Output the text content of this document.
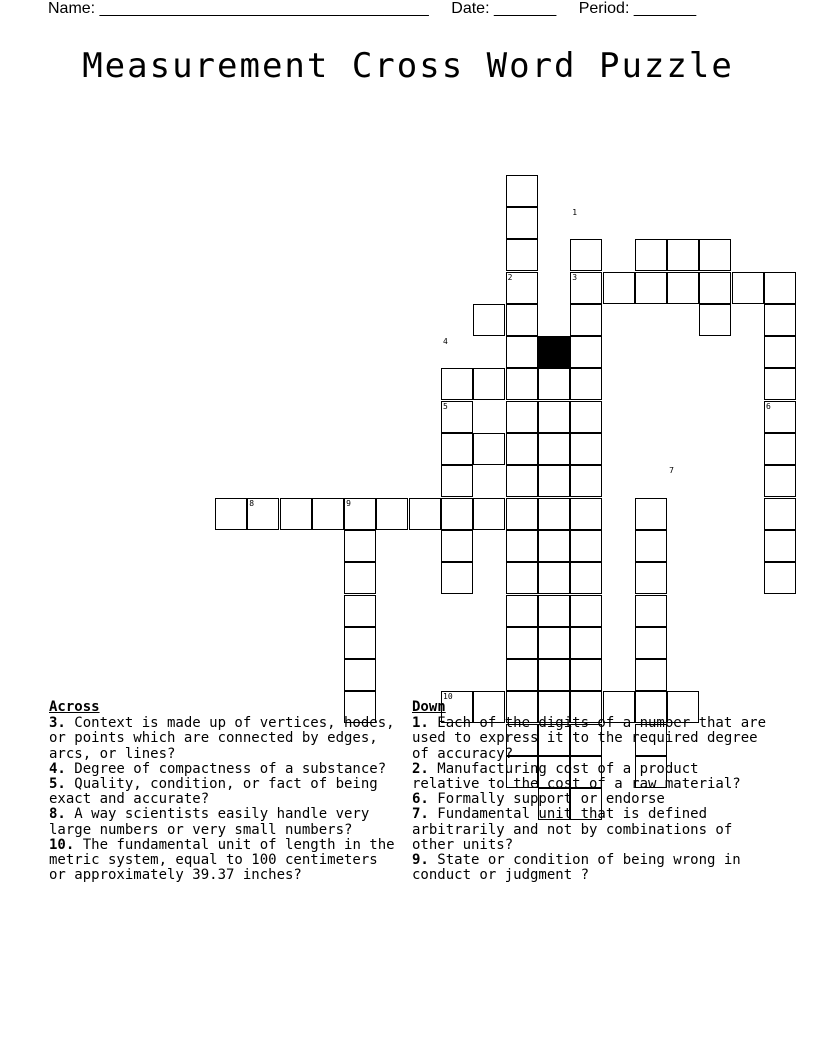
Name: _____________________________________ Date: _______ Period: _______
Measurement Cross Word Puzzle
1
2	3
4
5	6
7
8	9
10
Across
3. Context is made up of vertices, hodes, or points which are connected by edges, arcs, or lines?
4. Degree of compactness of a substance?
5. Quality, condition, or fact of being exact and accurate?
8. A way scientists easily handle very large numbers or very small numbers?
10. The fundamental unit of length in the metric system, equal to 100 centimeters or approximately 39.37 inches?
Down
1. Each of the digits of a number that are used to express it to the required degree of accuracy?
2. Manufacturing cost of a product relative to the cost of a raw material?
6. Formally support or endorse
7. Fundamental unit that is defined arbitrarily and not by combinations of other units?
9. State or condition of being wrong in conduct or judgment ?
